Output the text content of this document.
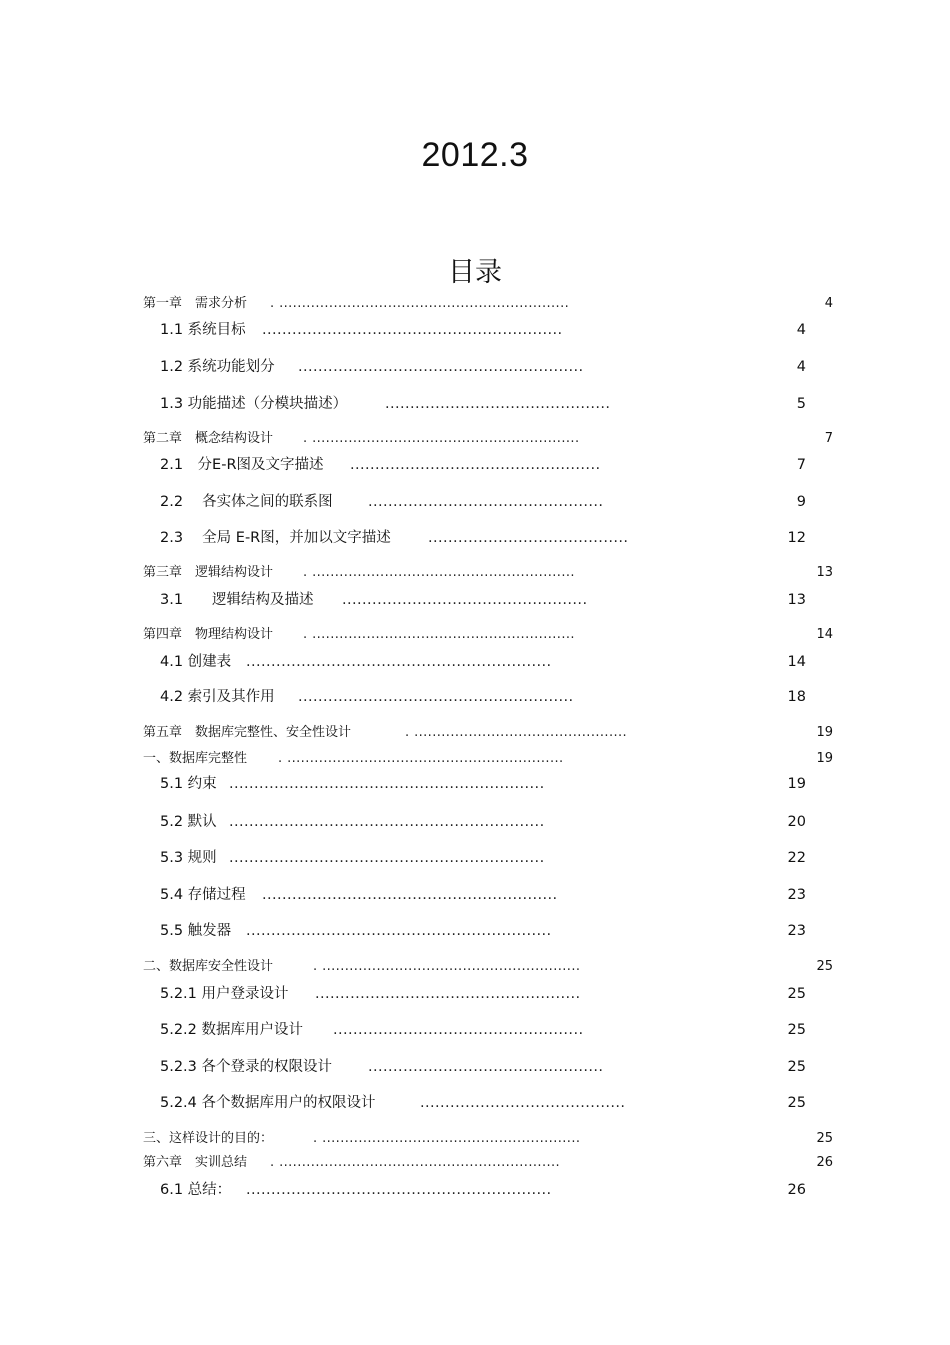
2012.3
目录
第一章　需求分析 . ................................................................	4
1.1 系统目标 ............................................................	4
1.2 系统功能划分 .........................................................	4
1.3 功能描述（分模块描述）	.............................................	5
第二章　概念结构设计 . ...........................................................	7
2.1　分E-R图及文字描述 ..................................................	7
2.2　 各实体之间的联系图 ...............................................	9
2.3　 全局 E-R图，并加以文字描述	........................................	12
第三章　逻辑结构设计 . ..........................................................	13
3.1　　逻辑结构及描述 .................................................	13
第四章　物理结构设计 . ..........................................................	14
4.1 创建表 .............................................................	14
4.2 索引及其作用 .......................................................	18
第五章　数据库完整性、安全性设计	. ...............................................	19
一、数据库完整性 . .............................................................	19
5.1 约束 ...............................................................	19
5.2 默认 ...............................................................	20
5.3 规则 ...............................................................	22
5.4 存储过程 ...........................................................	23
5.5 触发器 .............................................................	23
二、数据库安全性设计	. .........................................................	25
5.2.1 用户登录设计 .....................................................	25
5.2.2 数据库用户设计 ..................................................	25
5.2.3 各个登录的权限设计 ...............................................	25
5.2.4 各个数据库用户的权限设计	.........................................	25
三、这样设计的目的：	. .........................................................	25
第六章　实训总结 . ..............................................................	26
6.1 总结： .............................................................	26
